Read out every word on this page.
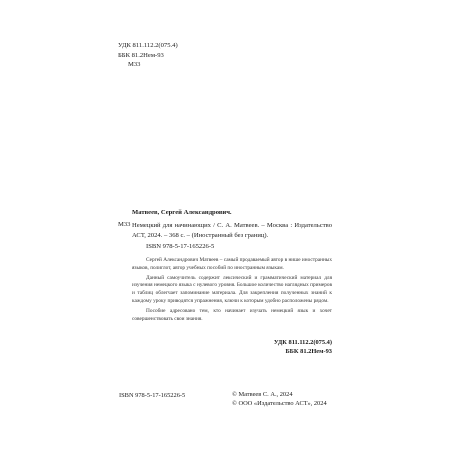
УДК 811.112.2(075.4)
ББК 81.2Нем-93
М33
Матвеев, Сергей Александрович.
М33 Немецкий для начинающих / С. А. Матвеев. – Москва : Издательство АСТ, 2024. – 368 с. – (Иностранный без границ).

ISBN 978-5-17-165226-5

Сергей Александрович Матвеев – самый продаваемый автор в нише иностранных языков, полиглот, автор учебных пособий по иностранным языкам.

Данный самоучитель содержит лексический и грамматический материал для изучения немецкого языка с нулевого уровня. Большое количество наглядных примеров и таблиц облегчает запоминание материала. Для закрепления полученных знаний к каждому уроку приводятся упражнения, ключи к которым удобно расположены рядом.

Пособие адресовано тем, кто начинает изучать немецкий язык и хочет совершенствовать свои знания.

УДК 811.112.2(075.4)
ББК 81.2Нем-93
ISBN 978-5-17-165226-5	© Матвеев С. А., 2024
© ООО «Издательство АСТ», 2024
